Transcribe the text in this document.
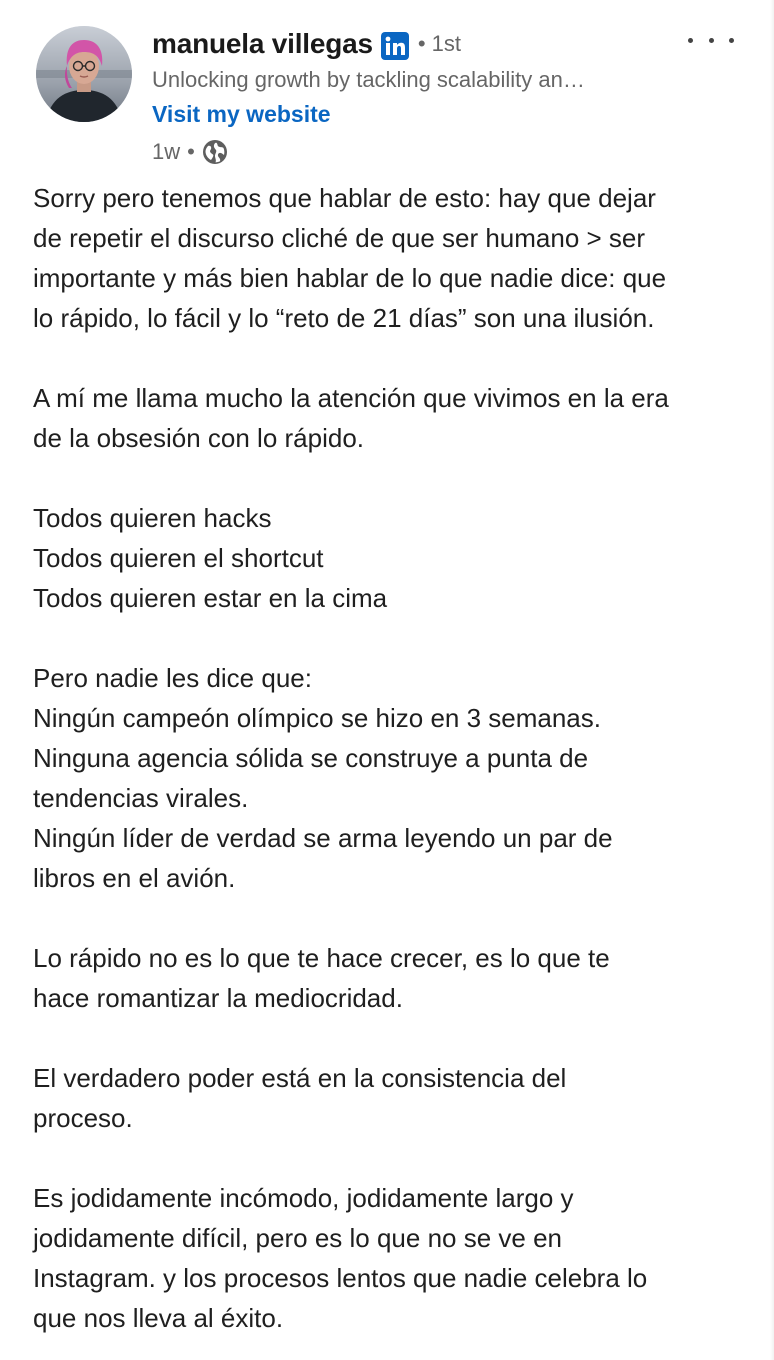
manuela villegas • 1st
Unlocking growth by tackling scalability an…
Visit my website
1w •
Sorry pero tenemos que hablar de esto: hay que dejar
de repetir el discurso cliché de que ser humano > ser
importante y más bien hablar de lo que nadie dice: que
lo rápido, lo fácil y lo “reto de 21 días” son una ilusión.
A mí me llama mucho la atención que vivimos en la era
de la obsesión con lo rápido.
Todos quieren hacks
Todos quieren el shortcut
Todos quieren estar en la cima
Pero nadie les dice que:
Ningún campeón olímpico se hizo en 3 semanas.
Ninguna agencia sólida se construye a punta de
tendencias virales.
Ningún líder de verdad se arma leyendo un par de
libros en el avión.
Lo rápido no es lo que te hace crecer, es lo que te
hace romantizar la mediocridad.
El verdadero poder está en la consistencia del
proceso.
Es jodidamente incómodo, jodidamente largo y
jodidamente difícil, pero es lo que no se ve en
Instagram. y los procesos lentos que nadie celebra lo
que nos lleva al éxito.
